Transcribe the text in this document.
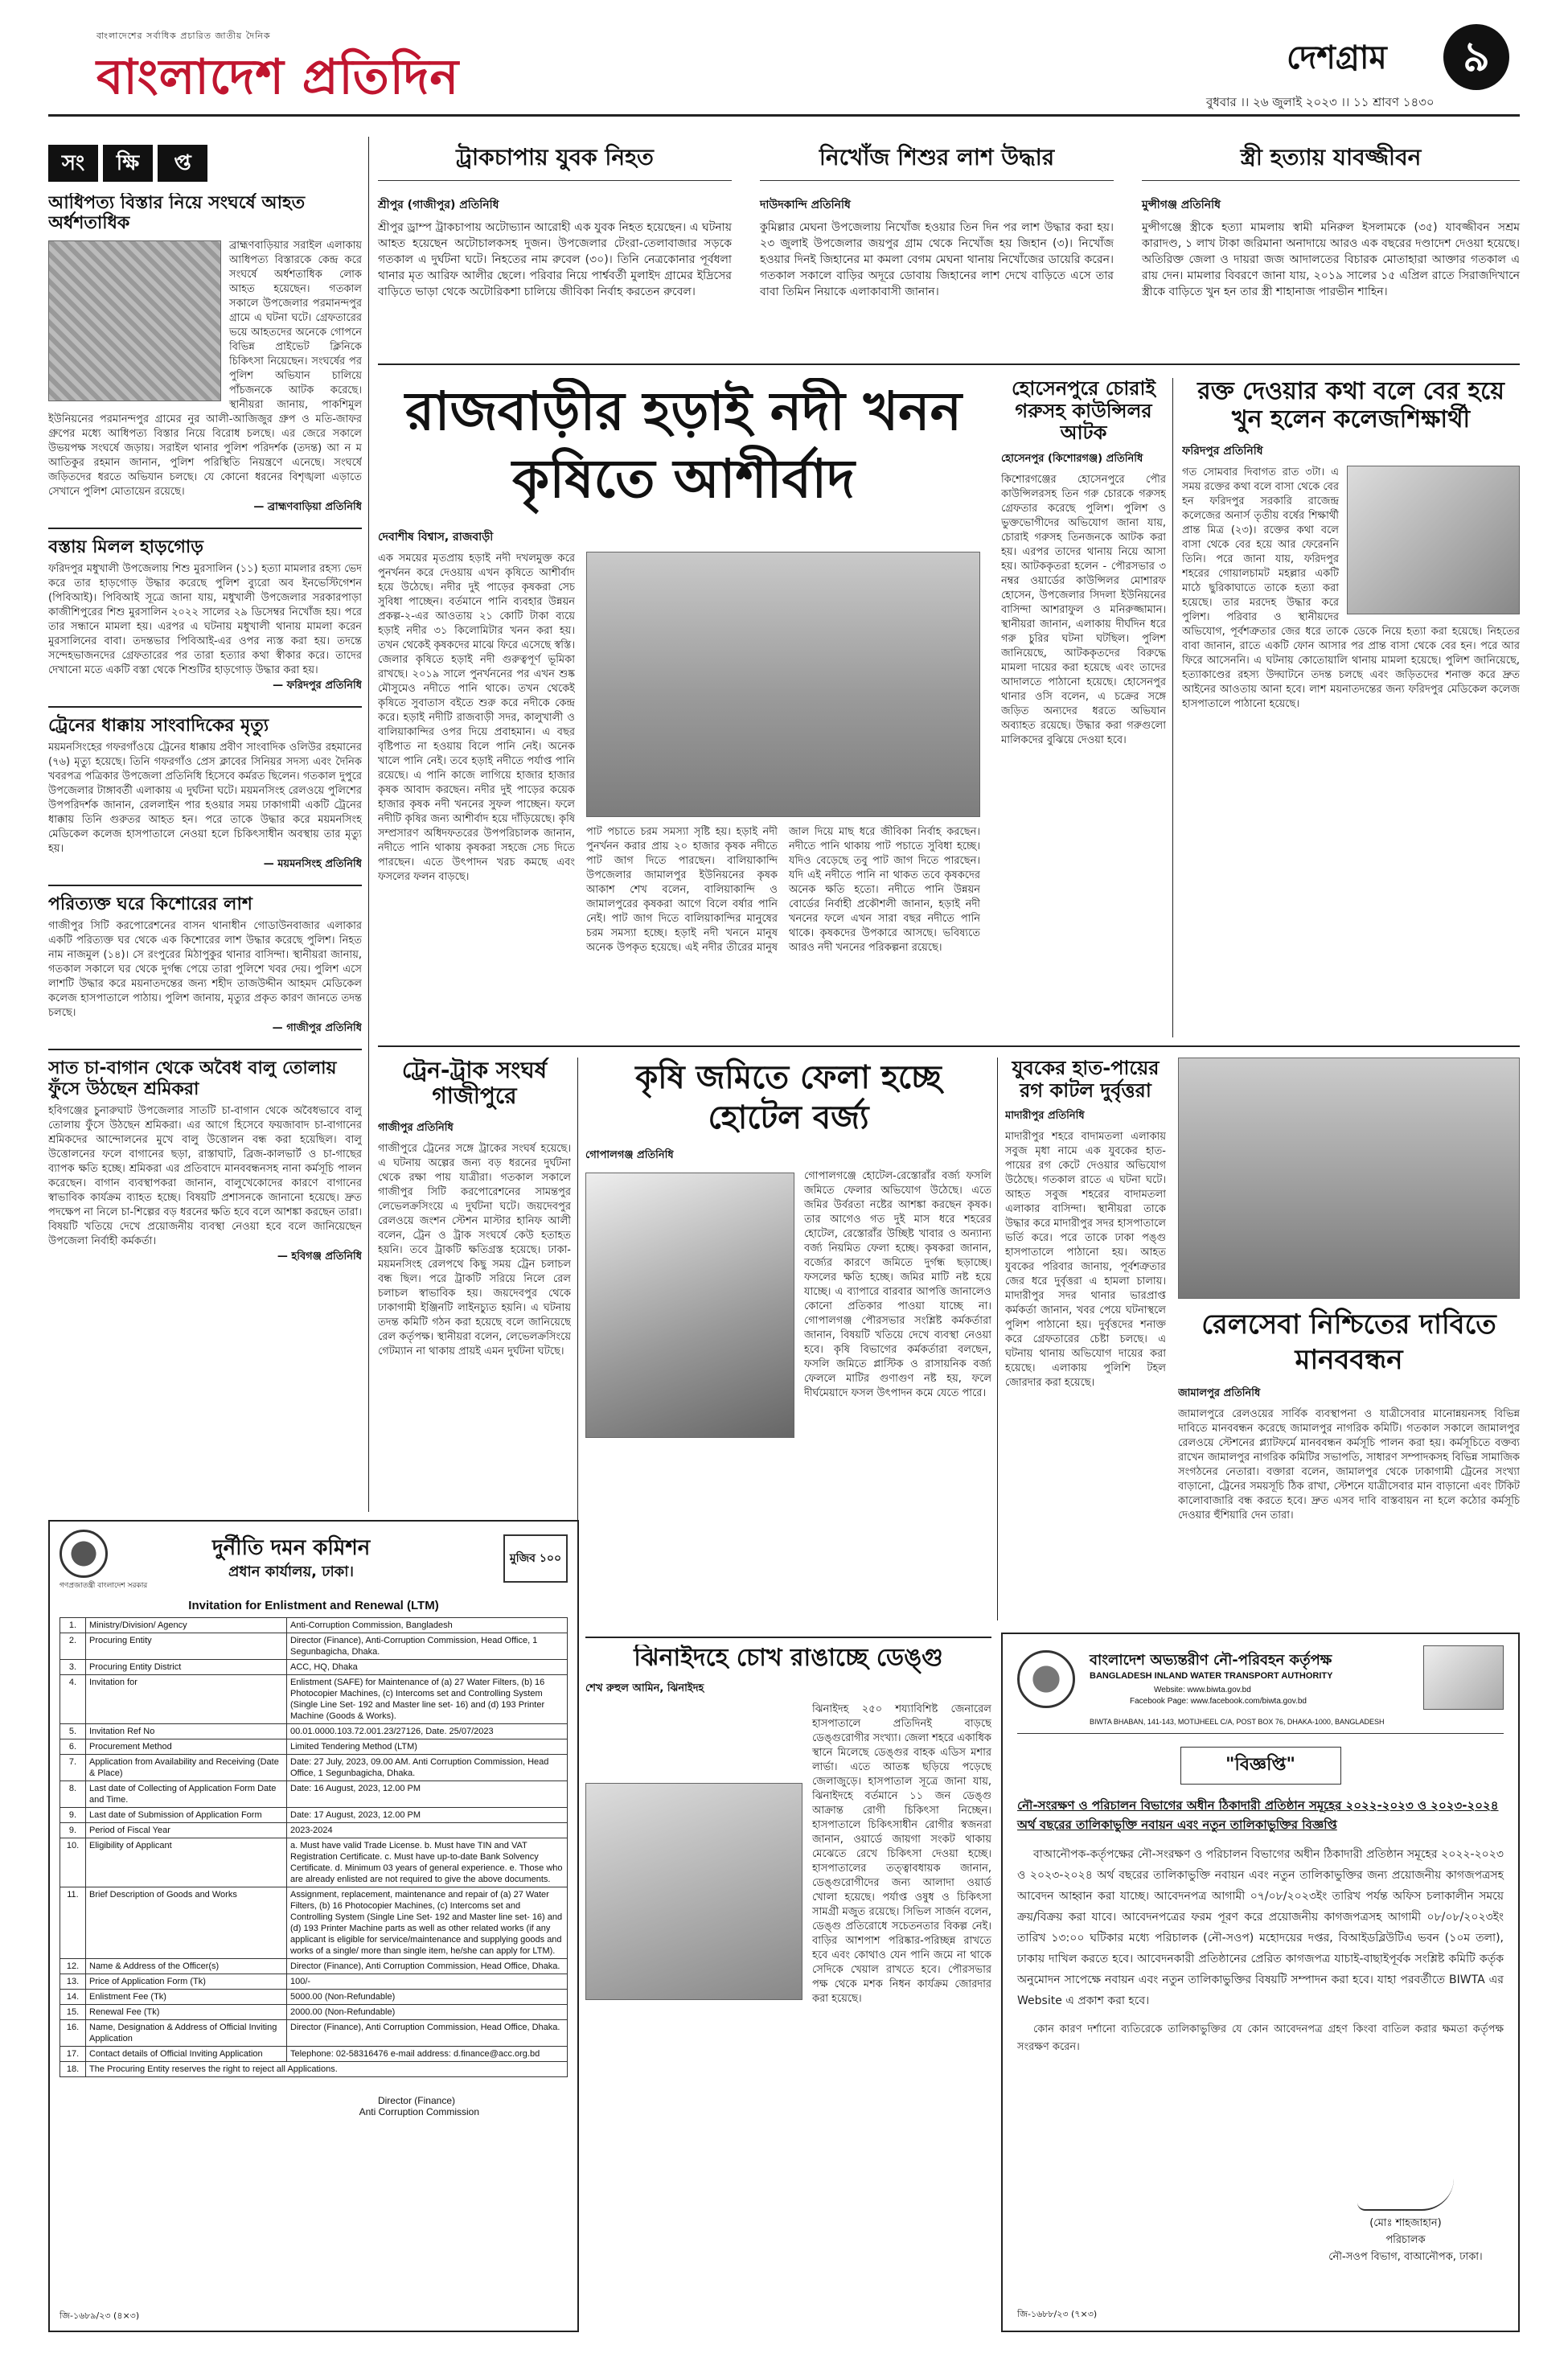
বাংলাদেশের সর্বাধিক প্রচারিত জাতীয় দৈনিক
বাংলাদেশ প্রতিদিন	দেশগ্রাম	৯
বুধবার ।। ২৬ জুলাই ২০২৩ ।। ১১ শ্রাবণ ১৪৩০
সং ক্ষি প্ত	ট্রাকচাপায় যুবক নিহত
শ্রীপুর (গাজীপুর) প্রতিনিধি
শ্রীপুর ড্রাম্প ট্রাকচাপায় অটোভ্যান আরোহী এক যুবক নিহত হয়েছেন। এ ঘটনায় আহত হয়েছেন অটোচালকসহ দুজন। উপজেলার টেংরা-তেলাবাজার সড়কে গতকাল এ দুর্ঘটনা ঘটে। নিহতের নাম রুবেল (৩০)। তিনি নেত্রকোনার পূর্বধলা থানার মৃত আরিফ আলীর ছেলে। পরিবার নিয়ে পার্শ্ববর্তী মুলাইদ গ্রামের ইদ্রিসের বাড়িতে ভাড়া থেকে অটোরিকশা চালিয়ে জীবিকা নির্বাহ করতেন রুবেল।
নিখোঁজ শিশুর লাশ উদ্ধার
দাউদকান্দি প্রতিনিধি
কুমিল্লার মেঘনা উপজেলায় নিখোঁজ হওয়ার তিন দিন পর লাশ উদ্ধার করা হয়। ২৩ জুলাই উপজেলার জয়পুর গ্রাম থেকে নিখোঁজ হয় জিহান (৩)। নিখোঁজ হওয়ার দিনই জিহানের মা কমলা বেগম মেঘনা থানায় নিখোঁজের ডায়েরি করেন। গতকাল সকালে বাড়ির অদূরে ডোবায় জিহানের লাশ দেখে বাড়িতে এসে তার বাবা তিমিন নিয়াকে এলাকাবাসী জানান।
স্ত্রী হত্যায় যাবজ্জীবন
মুন্সীগঞ্জ প্রতিনিধি
মুন্সীগঞ্জে স্ত্রীকে হত্যা মামলায় স্বামী মনিরুল ইসলামকে (৩৫) যাবজ্জীবন সশ্রম কারাদণ্ড, ১ লাখ টাকা জরিমানা অনাদায়ে আরও এক বছরের দণ্ডাদেশ দেওয়া হয়েছে। অতিরিক্ত জেলা ও দায়রা জজ আদালতের বিচারক মোতাহারা আক্তার গতকাল এ রায় দেন। মামলার বিবরণে জানা যায়, ২০১৯ সালের ১৫ এপ্রিল রাতে সিরাজদিখানে স্ত্রীকে বাড়িতে খুন হন তার স্ত্রী শাহানাজ পারভীন শাহিন।
আধিপত্য বিস্তার নিয়ে সংঘর্ষে আহত অর্ধশতাধিক
ব্রাহ্মণবাড়িয়ার সরাইল এলাকায় আধিপত্য বিস্তারকে কেন্দ্র করে সংঘর্ষে অর্ধশতাধিক লোক আহত হয়েছেন। গতকাল সকালে উপজেলার পরমানন্দপুর গ্রামে এ ঘটনা ঘটে। গ্রেফতারের ভয়ে আহতদের অনেকে গোপনে বিভিন্ন প্রাইভেট ক্লিনিকে চিকিৎসা নিয়েছেন। সংঘর্ষের পর পুলিশ অভিযান চালিয়ে পাঁচজনকে আটক করেছে। স্থানীয়রা জানায়, পাকশিমুল ইউনিয়নের পরমানন্দপুর গ্রামের নুর আলী-আজিজুর গ্রুপ ও মতি-জাফর গ্রুপের মধ্যে আধিপত্য বিস্তার নিয়ে বিরোধ চলছে। এর জেরে সকালে উভয়পক্ষ সংঘর্ষে জড়ায়। সরাইল থানার পুলিশ পরিদর্শক (তদন্ত) আ ন ম আতিকুর রহমান জানান, পুলিশ পরিস্থিতি নিয়ন্ত্রণে এনেছে। সংঘর্ষে জড়িতদের ধরতে অভিযান চলছে। যে কোনো ধরনের বিশৃঙ্খলা এড়াতে সেখানে পুলিশ মোতায়েন রয়েছে।
— ব্রাহ্মণবাড়িয়া প্রতিনিধি
বস্তায় মিলল হাড়গোড়
ফরিদপুর মধুখালী উপজেলায় শিশু মুরসালিন (১১) হত্যা মামলার রহস্য ভেদ করে তার হাড়গোড় উদ্ধার করেছে পুলিশ ব্যুরো অব ইনভেস্টিগেশন (পিবিআই)। পিবিআই সূত্রে জানা যায়, মধুখালী উপজেলার সরকারপাড়া কাজীশিপুরের শিশু মুরসালিন ২০২২ সালের ২৯ ডিসেম্বর নিখোঁজ হয়। পরে তার সন্ধানে মামলা হয়। এরপর এ ঘটনায় মধুখালী থানায় মামলা করেন মুরসালিনের বাবা। তদন্তভার পিবিআই-এর ওপর ন্যস্ত করা হয়। তদন্তে সন্দেহভাজনদের গ্রেফতারের পর তারা হত্যার কথা স্বীকার করে। তাদের দেখানো মতে একটি বস্তা থেকে শিশুটির হাড়গোড় উদ্ধার করা হয়।
— ফরিদপুর প্রতিনিধি
ট্রেনের ধাক্কায় সাংবাদিকের মৃত্যু
ময়মনসিংহের গফরগাঁওয়ে ট্রেনের ধাক্কায় প্রবীণ সাংবাদিক ওলিউর রহমানের (৭৬) মৃত্যু হয়েছে। তিনি গফরগাঁও প্রেস ক্লাবের সিনিয়র সদস্য এবং দৈনিক খবরপত্র পত্রিকার উপজেলা প্রতিনিধি হিসেবে কর্মরত ছিলেন। গতকাল দুপুরে উপজেলার টাঙ্গাবর্তী এলাকায় এ দুর্ঘটনা ঘটে। ময়মনসিংহ রেলওয়ে পুলিশের উপপরিদর্শক জানান, রেললাইন পার হওয়ার সময় ঢাকাগামী একটি ট্রেনের ধাক্কায় তিনি গুরুতর আহত হন। পরে তাকে উদ্ধার করে ময়মনসিংহ মেডিকেল কলেজ হাসপাতালে নেওয়া হলে চিকিৎসাধীন অবস্থায় তার মৃত্যু হয়।
— ময়মনসিংহ প্রতিনিধি
পরিত্যক্ত ঘরে কিশোরের লাশ
গাজীপুর সিটি করপোরেশনের বাসন থানাধীন গোডাউনবাজার এলাকার একটি পরিত্যক্ত ঘর থেকে এক কিশোরের লাশ উদ্ধার করেছে পুলিশ। নিহত নাম নাজমুল (১৪)। সে রংপুরের মিঠাপুকুর থানার বাসিন্দা। স্থানীয়রা জানায়, গতকাল সকালে ঘর থেকে দুর্গন্ধ পেয়ে তারা পুলিশে খবর দেয়। পুলিশ এসে লাশটি উদ্ধার করে ময়নাতদন্তের জন্য শহীদ তাজউদ্দীন আহমদ মেডিকেল কলেজ হাসপাতালে পাঠায়। পুলিশ জানায়, মৃত্যুর প্রকৃত কারণ জানতে তদন্ত চলছে।
— গাজীপুর প্রতিনিধি
সাত চা-বাগান থেকে অবৈধ বালু তোলায় ফুঁসে উঠছেন শ্রমিকরা
হবিগঞ্জের চুনারুঘাট উপজেলার সাতটি চা-বাগান থেকে অবৈধভাবে বালু তোলায় ফুঁসে উঠছেন শ্রমিকরা। এর আগে হিসেবে ফয়জাবাদ চা-বাগানের শ্রমিকদের আন্দোলনের মুখে বালু উত্তোলন বন্ধ করা হয়েছিল। বালু উত্তোলনের ফলে বাগানের ছড়া, রাস্তাঘাট, ব্রিজ-কালভার্ট ও চা-গাছের ব্যাপক ক্ষতি হচ্ছে। শ্রমিকরা এর প্রতিবাদে মানববন্ধনসহ নানা কর্মসূচি পালন করেছেন। বাগান ব্যবস্থাপকরা জানান, বালুখেকোদের কারণে বাগানের স্বাভাবিক কার্যক্রম ব্যাহত হচ্ছে। বিষয়টি প্রশাসনকে জানানো হয়েছে। দ্রুত পদক্ষেপ না নিলে চা-শিল্পের বড় ধরনের ক্ষতি হবে বলে আশঙ্কা করছেন তারা। বিষয়টি খতিয়ে দেখে প্রয়োজনীয় ব্যবস্থা নেওয়া হবে বলে জানিয়েছেন উপজেলা নির্বাহী কর্মকর্তা।
— হবিগঞ্জ প্রতিনিধি
রাজবাড়ীর হড়াই নদী খনন কৃষিতে আশীর্বাদ
দেবাশীষ বিশ্বাস, রাজবাড়ী
এক সময়ের মৃতপ্রায় হড়াই নদী দখলমুক্ত করে পুনর্খনন করে দেওয়ায় এখন কৃষিতে আশীর্বাদ হয়ে উঠেছে। নদীর দুই পাড়ের কৃষকরা সেচ সুবিধা পাচ্ছেন। বর্তমানে পানি ব্যবহার উন্নয়ন প্রকল্প-২-এর আওতায় ২১ কোটি টাকা ব্যয়ে হড়াই নদীর ৩১ কিলোমিটার খনন করা হয়। তখন থেকেই কৃষকদের মাঝে ফিরে এসেছে স্বস্তি। জেলার কৃষিতে হড়াই নদী গুরুত্বপূর্ণ ভূমিকা রাখছে। ২০১৯ সালে পুনর্খননের পর এখন শুষ্ক মৌসুমেও নদীতে পানি থাকে। তখন থেকেই কৃষিতে সুবাতাস বইতে শুরু করে নদীকে কেন্দ্র করে। হড়াই নদীটি রাজবাড়ী সদর, কালুখালী ও বালিয়াকান্দির ওপর দিয়ে প্রবাহমান। এ বছর বৃষ্টিপাত না হওয়ায় বিলে পানি নেই। অনেক খালে পানি নেই। তবে হড়াই নদীতে পর্যাপ্ত পানি রয়েছে। এ পানি কাজে লাগিয়ে হাজার হাজার কৃষক আবাদ করছেন। নদীর দুই পাড়ের কয়েক হাজার কৃষক নদী খননের সুফল পাচ্ছেন। ফলে নদীটি কৃষির জন্য আশীর্বাদ হয়ে দাঁড়িয়েছে। কৃষি সম্প্রসারণ অধিদফতরের উপপরিচালক জানান, নদীতে পানি থাকায় কৃষকরা সহজে সেচ দিতে পারছেন। এতে উৎপাদন খরচ কমছে এবং ফসলের ফলন বাড়ছে।
পাট পচাতে চরম সমস্যা সৃষ্টি হয়। হড়াই নদী পুনর্খনন করার প্রায় ২০ হাজার কৃষক নদীতে পাট জাগ দিতে পারছেন। বালিয়াকান্দি উপজেলার জামালপুর ইউনিয়নের কৃষক আকাশ শেখ বলেন, বালিয়াকান্দি ও জামালপুরের কৃষকরা আগে বিলে বর্ষার পানি নেই। পাট জাগ দিতে বালিয়াকান্দির মানুষের চরম সমস্যা হচ্ছে। হড়াই নদী খননে মানুষ অনেক উপকৃত হয়েছে। এই নদীর তীরের মানুষ জাল দিয়ে মাছ ধরে জীবিকা নির্বাহ করছেন। নদীতে পানি থাকায় পাট পচাতে সুবিধা হচ্ছে। যদিও বেড়েছে তবু পাট জাগ দিতে পারছেন। যদি এই নদীতে পানি না থাকত তবে কৃষকদের অনেক ক্ষতি হতো। নদীতে পানি উন্নয়ন বোর্ডের নির্বাহী প্রকৌশলী জানান, হড়াই নদী খননের ফলে এখন সারা বছর নদীতে পানি থাকে। কৃষকদের উপকারে আসছে। ভবিষ্যতে আরও নদী খননের পরিকল্পনা রয়েছে।
হোসেনপুরে চোরাই গরুসহ কাউন্সিলর আটক
হোসেনপুর (কিশোরগঞ্জ) প্রতিনিধি
কিশোরগঞ্জের হোসেনপুরে পৌর কাউন্সিলরসহ তিন গরু চোরকে গরুসহ গ্রেফতার করেছে পুলিশ। পুলিশ ও ভুক্তভোগীদের অভিযোগ জানা যায়, চোরাই গরুসহ তিনজনকে আটক করা হয়। এরপর তাদের থানায় নিয়ে আসা হয়। আটককৃতরা হলেন - পৌরসভার ৩ নম্বর ওয়ার্ডের কাউন্সিলর মোশারফ হোসেন, উপজেলার সিদলা ইউনিয়নের বাসিন্দা আশরাফুল ও মনিরুজ্জামান। স্থানীয়রা জানান, এলাকায় দীর্ঘদিন ধরে গরু চুরির ঘটনা ঘটছিল। পুলিশ জানিয়েছে, আটককৃতদের বিরুদ্ধে মামলা দায়ের করা হয়েছে এবং তাদের আদালতে পাঠানো হয়েছে। হোসেনপুর থানার ওসি বলেন, এ চক্রের সঙ্গে জড়িত অন্যদের ধরতে অভিযান অব্যাহত রয়েছে। উদ্ধার করা গরুগুলো মালিকদের বুঝিয়ে দেওয়া হবে।
রক্ত দেওয়ার কথা বলে বের হয়ে খুন হলেন কলেজশিক্ষার্থী
ফরিদপুর প্রতিনিধি
গত সোমবার দিবাগত রাত ৩টা। এ সময় রক্তের কথা বলে বাসা থেকে বের হন ফরিদপুর সরকারি রাজেন্দ্র কলেজের অনার্স তৃতীয় বর্ষের শিক্ষার্থী প্রান্ত মিত্র (২৩)। রক্তের কথা বলে বাসা থেকে বের হয়ে আর ফেরেননি তিনি। পরে জানা যায়, ফরিদপুর শহরের গোয়ালচামট মহল্লার একটি মাঠে ছুরিকাঘাতে তাকে হত্যা করা হয়েছে। তার মরদেহ উদ্ধার করে পুলিশ। পরিবার ও স্থানীয়দের অভিযোগ, পূর্বশত্রুতার জের ধরে তাকে ডেকে নিয়ে হত্যা করা হয়েছে। নিহতের বাবা জানান, রাতে একটি ফোন আসার পর প্রান্ত বাসা থেকে বের হন। পরে আর ফিরে আসেননি। এ ঘটনায় কোতোয়ালি থানায় মামলা হয়েছে। পুলিশ জানিয়েছে, হত্যাকাণ্ডের রহস্য উদ্ঘাটনে তদন্ত চলছে এবং জড়িতদের শনাক্ত করে দ্রুত আইনের আওতায় আনা হবে। লাশ ময়নাতদন্তের জন্য ফরিদপুর মেডিকেল কলেজ হাসপাতালে পাঠানো হয়েছে।
ট্রেন-ট্রাক সংঘর্ষ গাজীপুরে
গাজীপুর প্রতিনিধি
গাজীপুরে ট্রেনের সঙ্গে ট্রাকের সংঘর্ষ হয়েছে। এ ঘটনায় অল্পের জন্য বড় ধরনের দুর্ঘটনা থেকে রক্ষা পায় যাত্রীরা। গতকাল সকালে গাজীপুর সিটি করপোরেশনের সামন্তপুর লেভেলক্রসিংয়ে এ দুর্ঘটনা ঘটে। জয়দেবপুর রেলওয়ে জংশন স্টেশন মাস্টার হানিফ আলী বলেন, ট্রেন ও ট্রাক সংঘর্ষে কেউ হতাহত হয়নি। তবে ট্রাকটি ক্ষতিগ্রস্ত হয়েছে। ঢাকা-ময়মনসিংহ রেলপথে কিছু সময় ট্রেন চলাচল বন্ধ ছিল। পরে ট্রাকটি সরিয়ে নিলে রেল চলাচল স্বাভাবিক হয়। জয়দেবপুর থেকে ঢাকাগামী ইঞ্জিনটি লাইনচ্যুত হয়নি। এ ঘটনায় তদন্ত কমিটি গঠন করা হয়েছে বলে জানিয়েছে রেল কর্তৃপক্ষ। স্থানীয়রা বলেন, লেভেলক্রসিংয়ে গেটম্যান না থাকায় প্রায়ই এমন দুর্ঘটনা ঘটছে।
কৃষি জমিতে ফেলা হচ্ছে হোটেল বর্জ্য
গোপালগঞ্জ প্রতিনিধি
গোপালগঞ্জে হোটেল-রেস্তোরাঁর বর্জ্য ফসলি জমিতে ফেলার অভিযোগ উঠেছে। এতে জমির উর্বরতা নষ্টের আশঙ্কা করছেন কৃষক। তার আগেও গত দুই মাস ধরে শহরের হোটেল, রেস্তোরাঁর উচ্ছিষ্ট খাবার ও অন্যান্য বর্জ্য নিয়মিত ফেলা হচ্ছে। কৃষকরা জানান, বর্জ্যের কারণে জমিতে দুর্গন্ধ ছড়াচ্ছে। ফসলের ক্ষতি হচ্ছে। জমির মাটি নষ্ট হয়ে যাচ্ছে। এ ব্যাপারে বারবার আপত্তি জানালেও কোনো প্রতিকার পাওয়া যাচ্ছে না। গোপালগঞ্জ পৌরসভার সংশ্লিষ্ট কর্মকর্তারা জানান, বিষয়টি খতিয়ে দেখে ব্যবস্থা নেওয়া হবে। কৃষি বিভাগের কর্মকর্তারা বলছেন, ফসলি জমিতে প্লাস্টিক ও রাসায়নিক বর্জ্য ফেললে মাটির গুণাগুণ নষ্ট হয়, ফলে দীর্ঘমেয়াদে ফসল উৎপাদন কমে যেতে পারে।
ঝিনাইদহে চোখ রাঙাচ্ছে ডেঙ্গু
শেখ রুহুল আমিন, ঝিনাইদহ
ঝিনাইদহ ২৫০ শয্যাবিশিষ্ট জেনারেল হাসপাতালে প্রতিদিনই বাড়ছে ডেঙ্গুরোগীর সংখ্যা। জেলা শহরে একাধিক স্থানে মিলেছে ডেঙ্গুর বাহক এডিস মশার লার্ভা। এতে আতঙ্ক ছড়িয়ে পড়েছে জেলাজুড়ে। হাসপাতাল সূত্রে জানা যায়, ঝিনাইদহে বর্তমানে ১১ জন ডেঙ্গু আক্রান্ত রোগী চিকিৎসা নিচ্ছেন। হাসপাতালে চিকিৎসাধীন রোগীর স্বজনরা জানান, ওয়ার্ডে জায়গা সংকট থাকায় মেঝেতে রেখে চিকিৎসা দেওয়া হচ্ছে। হাসপাতালের তত্ত্বাবধায়ক জানান, ডেঙ্গুরোগীদের জন্য আলাদা ওয়ার্ড খোলা হয়েছে। পর্যাপ্ত ওষুধ ও চিকিৎসা সামগ্রী মজুত রয়েছে। সিভিল সার্জন বলেন, ডেঙ্গু প্রতিরোধে সচেতনতার বিকল্প নেই। বাড়ির আশপাশ পরিষ্কার-পরিচ্ছন্ন রাখতে হবে এবং কোথাও যেন পানি জমে না থাকে সেদিকে খেয়াল রাখতে হবে। পৌরসভার পক্ষ থেকে মশক নিধন কার্যক্রম জোরদার করা হয়েছে।
যুবকের হাত-পায়ের রগ কাটল দুর্বৃত্তরা
মাদারীপুর প্রতিনিধি
মাদারীপুর শহরে বাদামতলা এলাকায় সবুজ মৃধা নামে এক যুবকের হাত-পায়ের রগ কেটে দেওয়ার অভিযোগ উঠেছে। গতকাল রাতে এ ঘটনা ঘটে। আহত সবুজ শহরের বাদামতলা এলাকার বাসিন্দা। স্থানীয়রা তাকে উদ্ধার করে মাদারীপুর সদর হাসপাতালে ভর্তি করে। পরে তাকে ঢাকা পঙ্গু হাসপাতালে পাঠানো হয়। আহত যুবকের পরিবার জানায়, পূর্বশত্রুতার জের ধরে দুর্বৃত্তরা এ হামলা চালায়। মাদারীপুর সদর থানার ভারপ্রাপ্ত কর্মকর্তা জানান, খবর পেয়ে ঘটনাস্থলে পুলিশ পাঠানো হয়। দুর্বৃত্তদের শনাক্ত করে গ্রেফতারের চেষ্টা চলছে। এ ঘটনায় থানায় অভিযোগ দায়ের করা হয়েছে। এলাকায় পুলিশি টহল জোরদার করা হয়েছে।
রেলসেবা নিশ্চিতের দাবিতে মানববন্ধন
জামালপুর প্রতিনিধি
জামালপুরে রেলওয়ের সার্বিক ব্যবস্থাপনা ও যাত্রীসেবার মানোন্নয়নসহ বিভিন্ন দাবিতে মানববন্ধন করেছে জামালপুর নাগরিক কমিটি। গতকাল সকালে জামালপুর রেলওয়ে স্টেশনের প্ল্যাটফর্মে মানববন্ধন কর্মসূচি পালন করা হয়। কর্মসূচিতে বক্তব্য রাখেন জামালপুর নাগরিক কমিটির সভাপতি, সাধারণ সম্পাদকসহ বিভিন্ন সামাজিক সংগঠনের নেতারা। বক্তারা বলেন, জামালপুর থেকে ঢাকাগামী ট্রেনের সংখ্যা বাড়ানো, ট্রেনের সময়সূচি ঠিক রাখা, স্টেশনে যাত্রীসেবার মান বাড়ানো এবং টিকিট কালোবাজারি বন্ধ করতে হবে। দ্রুত এসব দাবি বাস্তবায়ন না হলে কঠোর কর্মসূচি দেওয়ার হুঁশিয়ারি দেন তারা।
গণপ্রজাতন্ত্রী বাংলাদেশ সরকার
দুর্নীতি দমন কমিশন
প্রধান কার্যালয়, ঢাকা।
মুজিব ১০০
Invitation for Enlistment and Renewal (LTM)
1.	Ministry/Division/ Agency	Anti-Corruption Commission, Bangladesh
2.	Procuring Entity	Director (Finance), Anti-Corruption Commission, Head Office, 1 Segunbagicha, Dhaka.
3.	Procuring Entity District	ACC, HQ, Dhaka
4.	Invitation for	Enlistment (SAFE) for Maintenance of (a) 27 Water Filters, (b) 16 Photocopier Machines, (c) Intercoms set and Controlling System (Single Line Set- 192 and Master line set- 16) and (d) 193 Printer Machine (Goods & Works).
5.	Invitation Ref No	00.01.0000.103.72.001.23/27126, Date. 25/07/2023
6.	Procurement Method	Limited Tendering Method (LTM)
7.	Application from Availability and Receiving (Date & Place)	Date: 27 July, 2023, 09.00 AM. Anti Corruption Commission, Head Office, 1 Segunbagicha, Dhaka.
8.	Last date of Collecting of Application Form Date and Time.	Date: 16 August, 2023, 12.00 PM
9.	Last date of Submission of Application Form	Date: 17 August, 2023, 12.00 PM
9.	Period of Fiscal Year	2023-2024
10.	Eligibility of Applicant	a. Must have valid Trade License. b. Must have TIN and VAT Registration Certificate. c. Must have up-to-date Bank Solvency Certificate. d. Minimum 03 years of general experience. e. Those who are already enlisted are not required to give the above documents.
11.	Brief Description of Goods and Works	Assignment, replacement, maintenance and repair of (a) 27 Water Filters, (b) 16 Photocopier Machines, (c) Intercoms set and Controlling System (Single Line Set- 192 and Master line set- 16) and (d) 193 Printer Machine parts as well as other related works (if any applicant is eligible for service/maintenance and supplying goods and works of a single/ more than single item, he/she can apply for LTM).
12.	Name & Address of the Officer(s)	Director (Finance), Anti Corruption Commission, Head Office, Dhaka.
13.	Price of Application Form (Tk)	100/-
14.	Enlistment Fee (Tk)	5000.00 (Non-Refundable)
15.	Renewal Fee (Tk)	2000.00 (Non-Refundable)
16.	Name, Designation & Address of Official Inviting Application	Director (Finance), Anti Corruption Commission, Head Office, Dhaka.
17.	Contact details of Official Inviting Application	Telephone: 02-58316476 e-mail address: d.finance@acc.org.bd
18.	The Procuring Entity reserves the right to reject all Applications.	
Director (Finance)
Anti Corruption Commission
জি-১৬৮৯/২৩ (৪×৩)
বাংলাদেশ অভ্যন্তরীণ নৌ-পরিবহন কর্তৃপক্ষ
BANGLADESH INLAND WATER TRANSPORT AUTHORITY
Website: www.biwta.gov.bd
Facebook Page: www.facebook.com/biwta.gov.bd
BIWTA BHABAN, 141-143, MOTIJHEEL C/A, POST BOX 76, DHAKA-1000, BANGLADESH
"বিজ্ঞপ্তি"
নৌ-সংরক্ষণ ও পরিচালন বিভাগের অধীন ঠিকাদারী প্রতিষ্ঠান সমূহের ২০২২-২০২৩ ও ২০২৩-২০২৪ অর্থ বছরের তালিকাভুক্তি নবায়ন এবং নতুন তালিকাভুক্তির বিজ্ঞপ্তি
বাআনৌপক-কর্তৃপক্ষের নৌ-সংরক্ষণ ও পরিচালন বিভাগের অধীন ঠিকাদারী প্রতিষ্ঠান সমূহের ২০২২-২০২৩ ও ২০২৩-২০২৪ অর্থ বছরের তালিকাভুক্তি নবায়ন এবং নতুন তালিকাভুক্তির জন্য প্রয়োজনীয় কাগজপত্রসহ আবেদন আহ্বান করা যাচ্ছে। আবেদনপত্র আগামী ০৭/০৮/২০২৩ইং তারিখ পর্যন্ত অফিস চলাকালীন সময়ে ক্রয়/বিক্রয় করা যাবে। আবেদনপত্রের ফরম পূরণ করে প্রয়োজনীয় কাগজপত্রসহ আগামী ০৮/০৮/২০২৩ইং তারিখ ১৩:০০ ঘটিকার মধ্যে পরিচালক (নৌ-সওপ) মহোদয়ের দপ্তর, বিআইডব্লিউটিএ ভবন (১০ম তলা), ঢাকায় দাখিল করতে হবে। আবেদনকারী প্রতিষ্ঠানের প্রেরিত কাগজপত্র যাচাই-বাছাইপূর্বক সংশ্লিষ্ট কমিটি কর্তৃক অনুমোদন সাপেক্ষে নবায়ন এবং নতুন তালিকাভুক্তির বিষয়টি সম্পাদন করা হবে। যাহা পরবর্তীতে BIWTA এর Website এ প্রকাশ করা হবে।
কোন কারণ দর্শানো ব্যতিরেকে তালিকাভুক্তির যে কোন আবেদনপত্র গ্রহণ কিংবা বাতিল করার ক্ষমতা কর্তৃপক্ষ সংরক্ষণ করেন।
(মোঃ শাহজাহান)
পরিচালক
নৌ-সওপ বিভাগ, বাআনৌপক, ঢাকা।
জি-১৬৮৮/২৩ (৭×৩)
